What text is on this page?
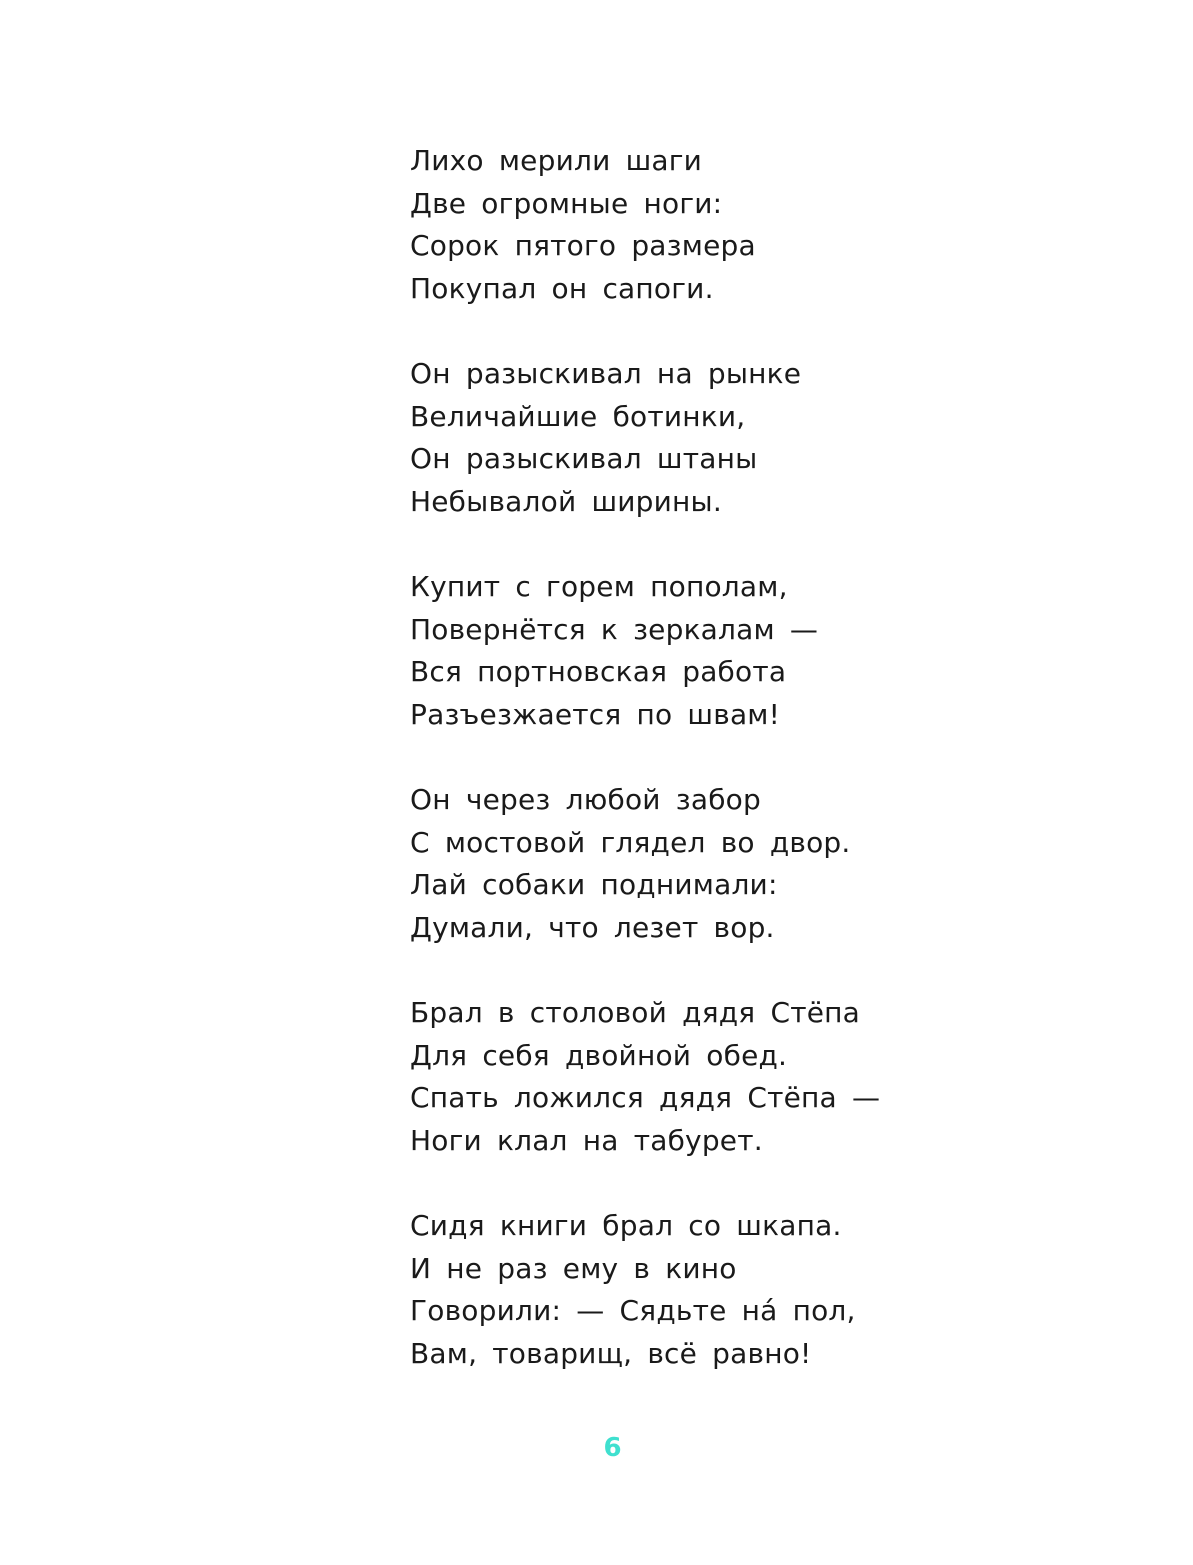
Лихо мерили шаги
Две огромные ноги:
Сорок пятого размера
Покупал он сапоги.
Он разыскивал на рынке
Величайшие ботинки,
Он разыскивал штаны
Небывалой ширины.
Купит с горем пополам,
Повернётся к зеркалам —
Вся портновская работа
Разъезжается по швам!
Он через любой забор
С мостовой глядел во двор.
Лай собаки поднимали:
Думали, что лезет вор.
Брал в столовой дядя Стёпа
Для себя двойной обед.
Спать ложился дядя Стёпа —
Ноги клал на табурет.
Сидя книги брал со шкапа.
И не раз ему в кино
Говорили: — Сядьте на́ пол,
Вам, товарищ, всё равно!
6
